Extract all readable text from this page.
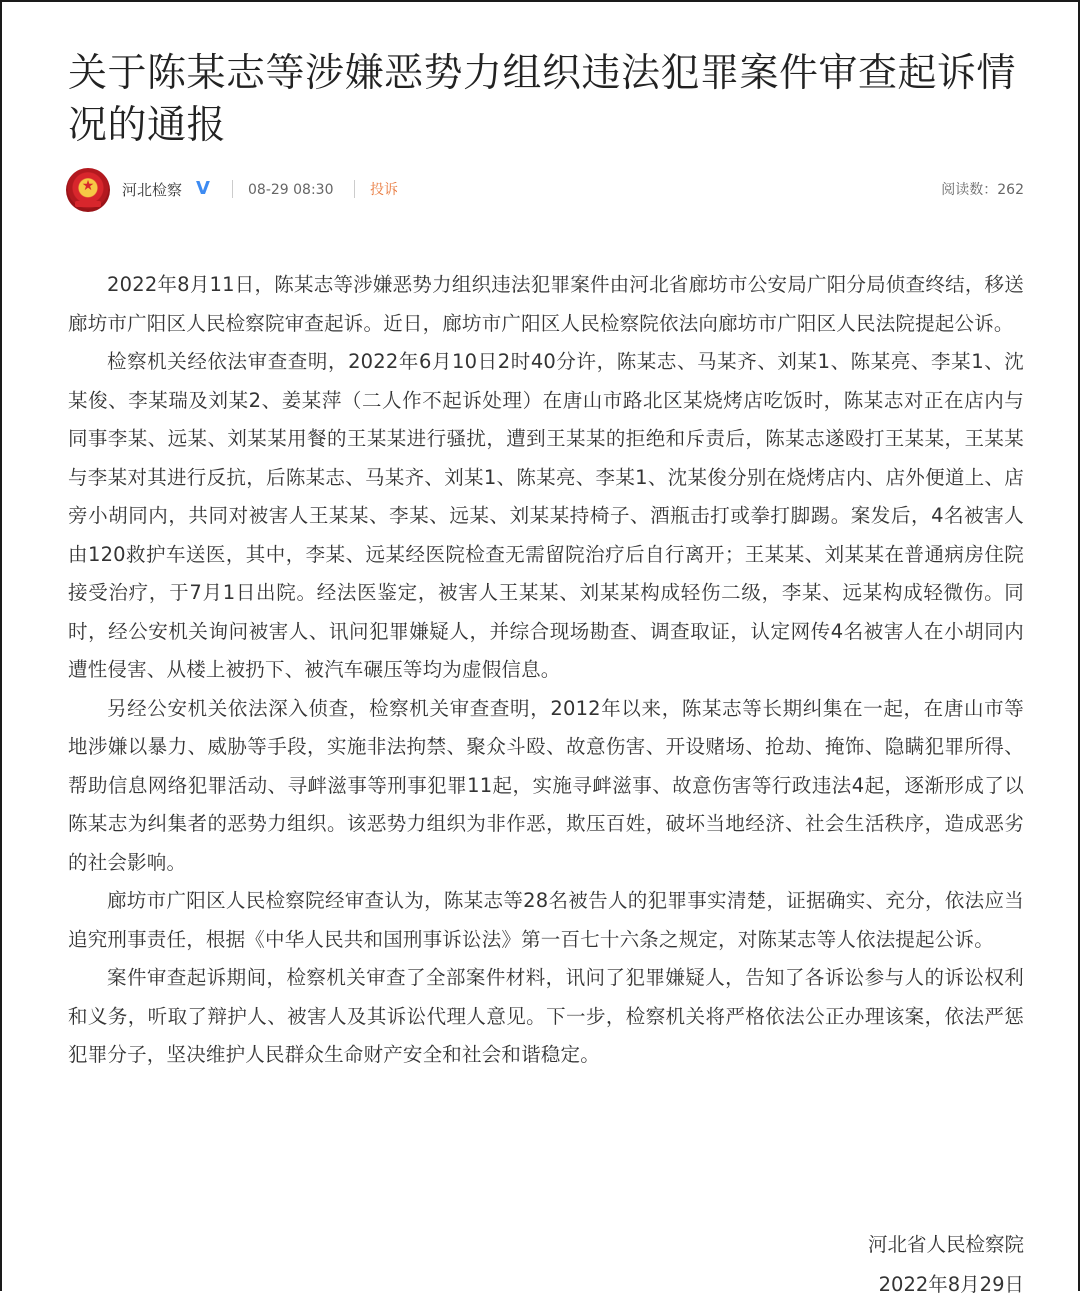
关于陈某志等涉嫌恶势力组织违法犯罪案件审查起诉情况的通报
★	河北检察 V	08-29 08:30	投诉	阅读数：262

2022年8月11日，陈某志等涉嫌恶势力组织违法犯罪案件由河北省廊坊市公安局广阳分局侦查终结，移送廊坊市广阳区人民检察院审查起诉。近日，廊坊市广阳区人民检察院依法向廊坊市广阳区人民法院提起公诉。

检察机关经依法审查查明，2022年6月10日2时40分许，陈某志、马某齐、刘某1、陈某亮、李某1、沈某俊、李某瑞及刘某2、姜某萍（二人作不起诉处理）在唐山市路北区某烧烤店吃饭时，陈某志对正在店内与同事李某、远某、刘某某用餐的王某某进行骚扰，遭到王某某的拒绝和斥责后，陈某志遂殴打王某某，王某某与李某对其进行反抗，后陈某志、马某齐、刘某1、陈某亮、李某1、沈某俊分别在烧烤店内、店外便道上、店旁小胡同内，共同对被害人王某某、李某、远某、刘某某持椅子、酒瓶击打或拳打脚踢。案发后，4名被害人由120救护车送医，其中，李某、远某经医院检查无需留院治疗后自行离开；王某某、刘某某在普通病房住院接受治疗，于7月1日出院。经法医鉴定，被害人王某某、刘某某构成轻伤二级，李某、远某构成轻微伤。同时，经公安机关询问被害人、讯问犯罪嫌疑人，并综合现场勘查、调查取证，认定网传4名被害人在小胡同内遭性侵害、从楼上被扔下、被汽车碾压等均为虚假信息。

另经公安机关依法深入侦查，检察机关审查查明，2012年以来，陈某志等长期纠集在一起，在唐山市等地涉嫌以暴力、威胁等手段，实施非法拘禁、聚众斗殴、故意伤害、开设赌场、抢劫、掩饰、隐瞒犯罪所得、帮助信息网络犯罪活动、寻衅滋事等刑事犯罪11起，实施寻衅滋事、故意伤害等行政违法4起，逐渐形成了以陈某志为纠集者的恶势力组织。该恶势力组织为非作恶，欺压百姓，破坏当地经济、社会生活秩序，造成恶劣的社会影响。

廊坊市广阳区人民检察院经审查认为，陈某志等28名被告人的犯罪事实清楚，证据确实、充分，依法应当追究刑事责任，根据《中华人民共和国刑事诉讼法》第一百七十六条之规定，对陈某志等人依法提起公诉。

案件审查起诉期间，检察机关审查了全部案件材料，讯问了犯罪嫌疑人，告知了各诉讼参与人的诉讼权利和义务，听取了辩护人、被害人及其诉讼代理人意见。下一步，检察机关将严格依法公正办理该案，依法严惩犯罪分子，坚决维护人民群众生命财产安全和社会和谐稳定。

河北省人民检察院
2022年8月29日
